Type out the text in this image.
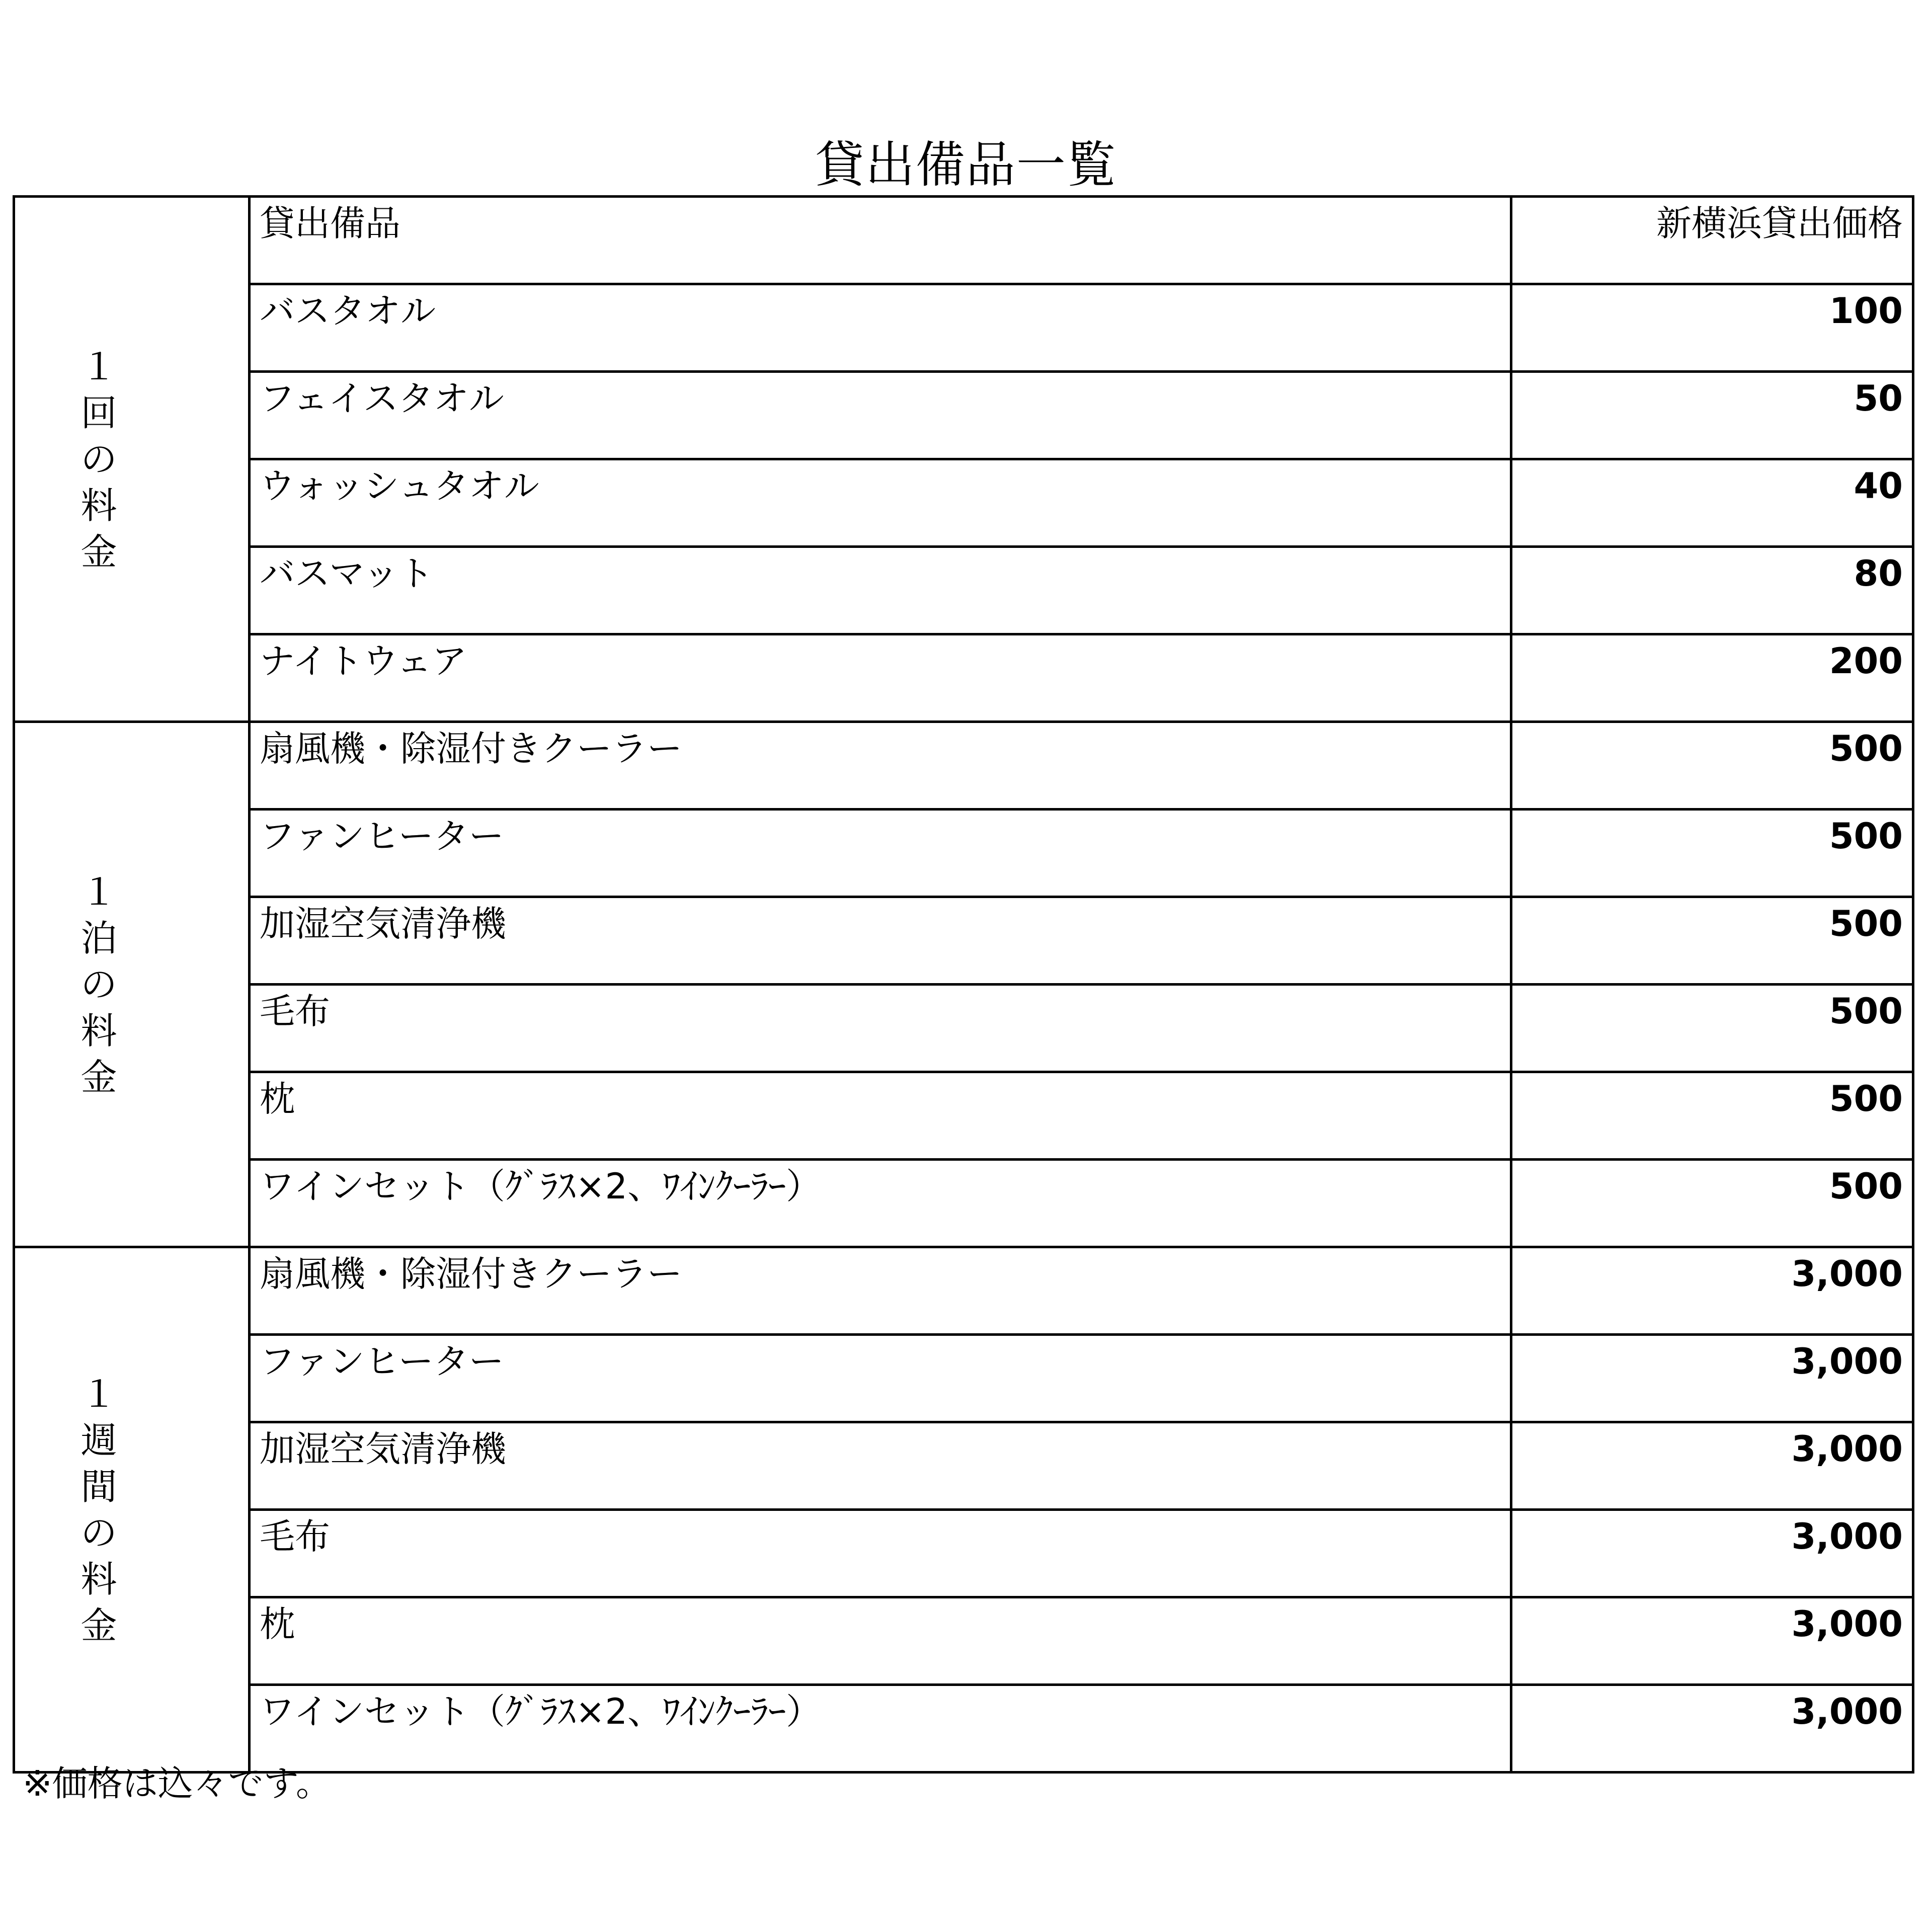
貸出備品一覧
１回の料金	貸出備品	新横浜貸出価格
	バスタオル	100
	フェイスタオル	50
	ウォッシュタオル	40
	バスマット	80
	ナイトウェア	200
１泊の料金	扇風機・除湿付きクーラー	500
	ファンヒーター	500
	加湿空気清浄機	500
	毛布	500
	枕	500
	ワインセット（ｸﾞﾗｽ×2、ﾜｲﾝｸｰﾗｰ）	500
１週間の料金	扇風機・除湿付きクーラー	3,000
	ファンヒーター	3,000
	加湿空気清浄機	3,000
	毛布	3,000
	枕	3,000
	ワインセット（ｸﾞﾗｽ×2、ﾜｲﾝｸｰﾗｰ）	3,000
※価格は込々です。
